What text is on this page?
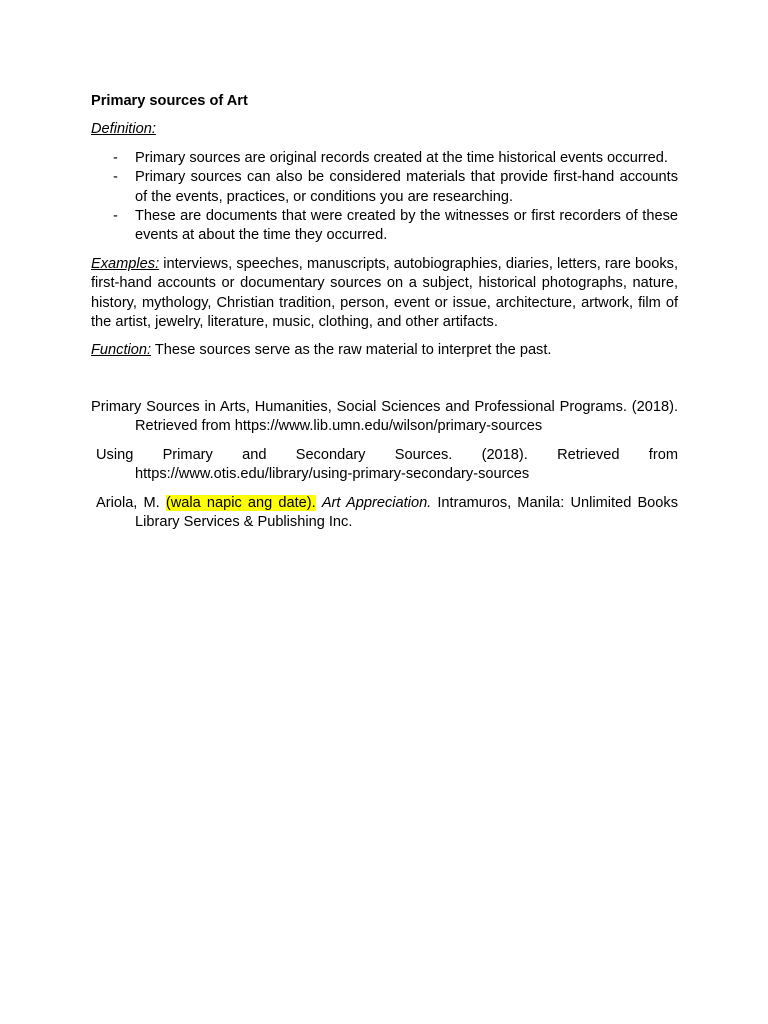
Primary sources of Art
Definition:
- Primary sources are original records created at the time historical events occurred.
- Primary sources can also be considered materials that provide first-hand accounts of the events, practices, or conditions you are researching.
- These are documents that were created by the witnesses or first recorders of these events at about the time they occurred.

Examples: interviews, speeches, manuscripts, autobiographies, diaries, letters, rare books, first-hand accounts or documentary sources on a subject, historical photographs, nature, history, mythology, Christian tradition, person, event or issue, architecture, artwork, film of the artist, jewelry, literature, music, clothing, and other artifacts.

Function: These sources serve as the raw material to interpret the past.

Primary Sources in Arts, Humanities, Social Sciences and Professional Programs. (2018). Retrieved from https://www.lib.umn.edu/wilson/primary-sources

Using Primary and Secondary Sources. (2018). Retrieved from https://www.otis.edu/library/using-primary-secondary-sources

Ariola, M. (wala napic ang date). Art Appreciation. Intramuros, Manila: Unlimited Books Library Services & Publishing Inc.
